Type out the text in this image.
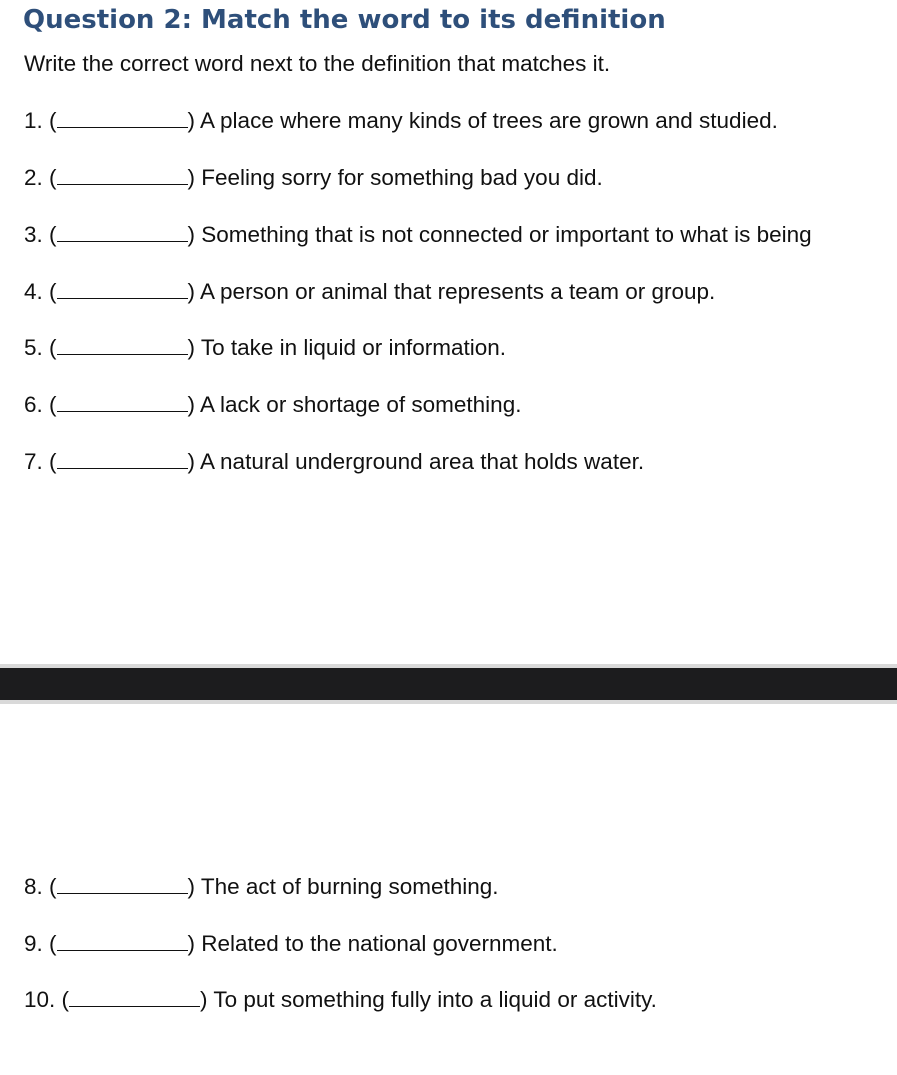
Question 2: Match the word to its definition

Write the correct word next to the definition that matches it.

1. (	) A place where many kinds of trees are grown and studied.

2. (	) Feeling sorry for something bad you did.

3. (	) Something that is not connected or important to what is being

4. (	) A person or animal that represents a team or group.

5. (	) To take in liquid or information.

6. (	) A lack or shortage of something.

7. (	) A natural underground area that holds water.

8. (	) The act of burning something.

9. (	) Related to the national government.

10. (	) To put something fully into a liquid or activity.
